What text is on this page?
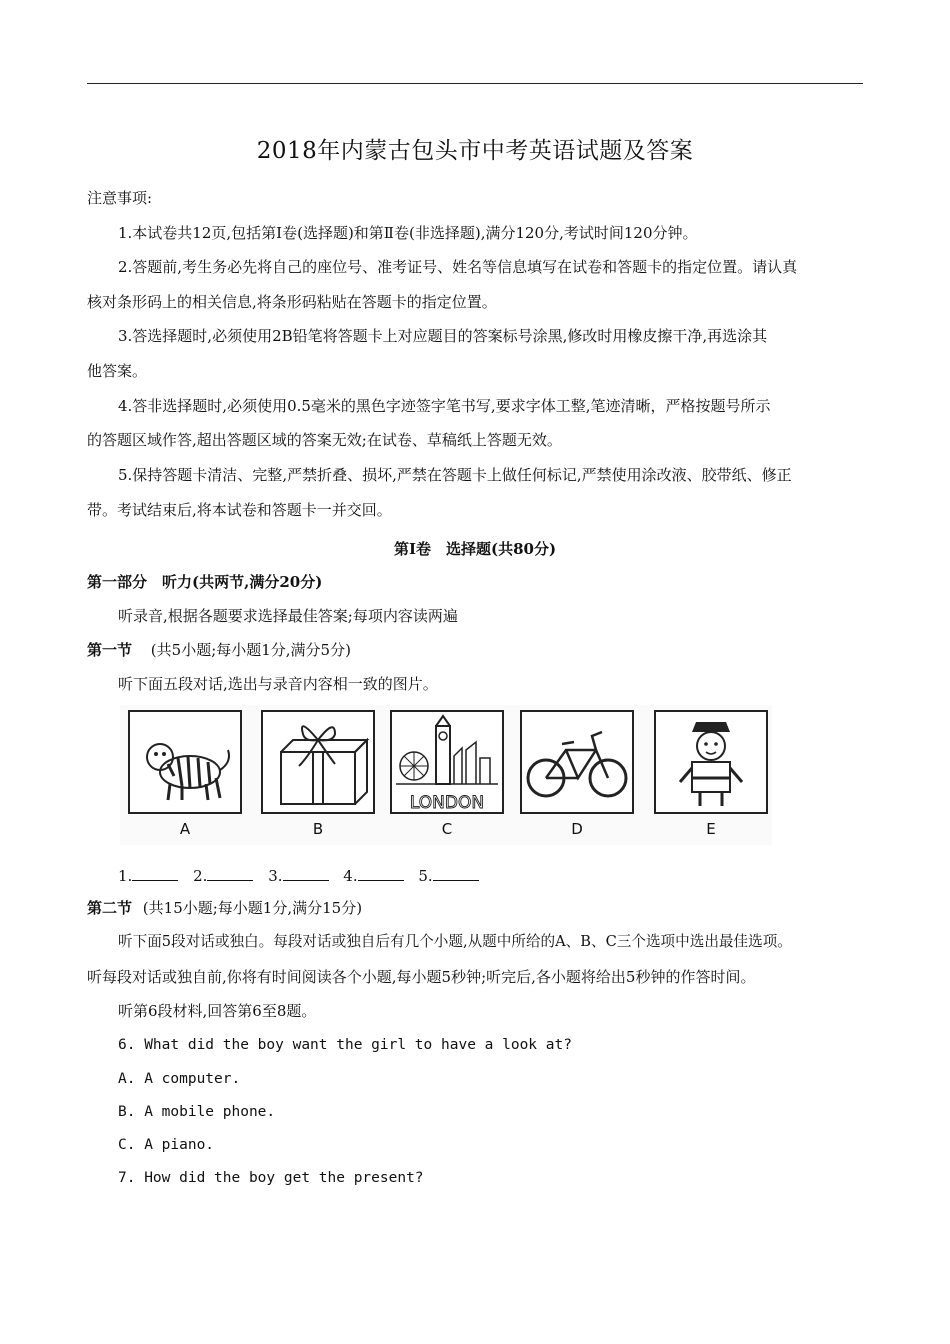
2018年内蒙古包头市中考英语试题及答案
注意事项:
1.本试卷共12页,包括第Ⅰ卷(选择题)和第Ⅱ卷(非选择题),满分120分,考试时间120分钟。
2.答题前,考生务必先将自己的座位号、准考证号、姓名等信息填写在试卷和答题卡的指定位置。请认真
核对条形码上的相关信息,将条形码粘贴在答题卡的指定位置。
3.答选择题时,必须使用2B铅笔将答题卡上对应题目的答案标号涂黑,修改时用橡皮擦干净,再选涂其
他答案。
4.答非选择题时,必须使用0.5毫米的黑色字迹签字笔书写,要求字体工整,笔迹清晰，严格按题号所示
的答题区域作答,超出答题区域的答案无效;在试卷、草稿纸上答题无效。
5.保持答题卡清洁、完整,严禁折叠、损坏,严禁在答题卡上做任何标记,严禁使用涂改液、胶带纸、修正
带。考试结束后,将本试卷和答题卡一并交回。
第Ⅰ卷　选择题(共80分)
第一部分　听力(共两节,满分20分)
听录音,根据各题要求选择最佳答案;每项内容读两遍
第一节 (共5小题;每小题1分,满分5分)
听下面五段对话,选出与录音内容相一致的图片。
A	B
LONDON
C	D	E
1.	2.	3.	4.	5.
第二节 (共15小题;每小题1分,满分15分)
听下面5段对话或独白。每段对话或独自后有几个小题,从题中所给的A、B、C三个选项中选出最佳选项。
听每段对话或独自前,你将有时间阅读各个小题,每小题5秒钟;听完后,各小题将给出5秒钟的作答时间。
听第6段材料,回答第6至8题。
6. What did the boy want the girl to have a look at?
A. A computer.
B. A mobile phone.
C. A piano.
7. How did the boy get the present?
